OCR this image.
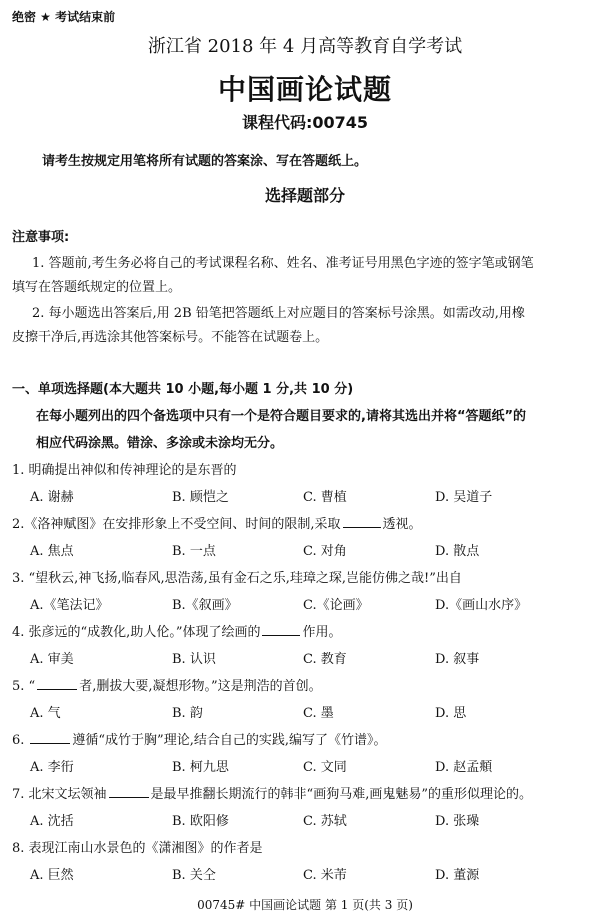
绝密 ★ 考试结束前
浙江省 2018 年 4 月高等教育自学考试
中国画论试题
课程代码:00745
请考生按规定用笔将所有试题的答案涂、写在答题纸上。
选择题部分
注意事项:
1. 答题前,考生务必将自己的考试课程名称、姓名、准考证号用黑色字迹的签字笔或钢笔
填写在答题纸规定的位置上。
2. 每小题选出答案后,用 2B 铅笔把答题纸上对应题目的答案标号涂黑。如需改动,用橡
皮擦干净后,再选涂其他答案标号。不能答在试题卷上。
一、单项选择题(本大题共 10 小题,每小题 1 分,共 10 分)
在每小题列出的四个备选项中只有一个是符合题目要求的,请将其选出并将“答题纸”的
相应代码涂黑。错涂、多涂或未涂均无分。
1. 明确提出神似和传神理论的是东晋的
A. 谢赫	B. 顾恺之	C. 曹植	D. 吴道子
2.《洛神赋图》在安排形象上不受空间、时间的限制,采取	透视。
A. 焦点	B. 一点	C. 对角	D. 散点
3. “望秋云,神飞扬,临春风,思浩荡,虽有金石之乐,珪璋之琛,岂能仿佛之哉!”出自
A.《笔法记》	B.《叙画》	C.《论画》	D.《画山水序》
4. 张彦远的“成教化,助人伦。”体现了绘画的	作用。
A. 审美	B. 认识	C. 教育	D. 叙事
5. “	者,删拔大要,凝想形物。”这是荆浩的首创。
A. 气	B. 韵	C. 墨	D. 思
6.	遵循“成竹于胸”理论,结合自己的实践,编写了《竹谱》。
A. 李衎	B. 柯九思	C. 文同	D. 赵孟頫
7. 北宋文坛领袖	是最早推翻长期流行的韩非“画狗马难,画鬼魅易”的重形似理论的。
A. 沈括	B. 欧阳修	C. 苏轼	D. 张璪
8. 表现江南山水景色的《潇湘图》的作者是
A. 巨然	B. 关仝	C. 米芾	D. 董源
00745# 中国画论试题 第 1 页(共 3 页)
